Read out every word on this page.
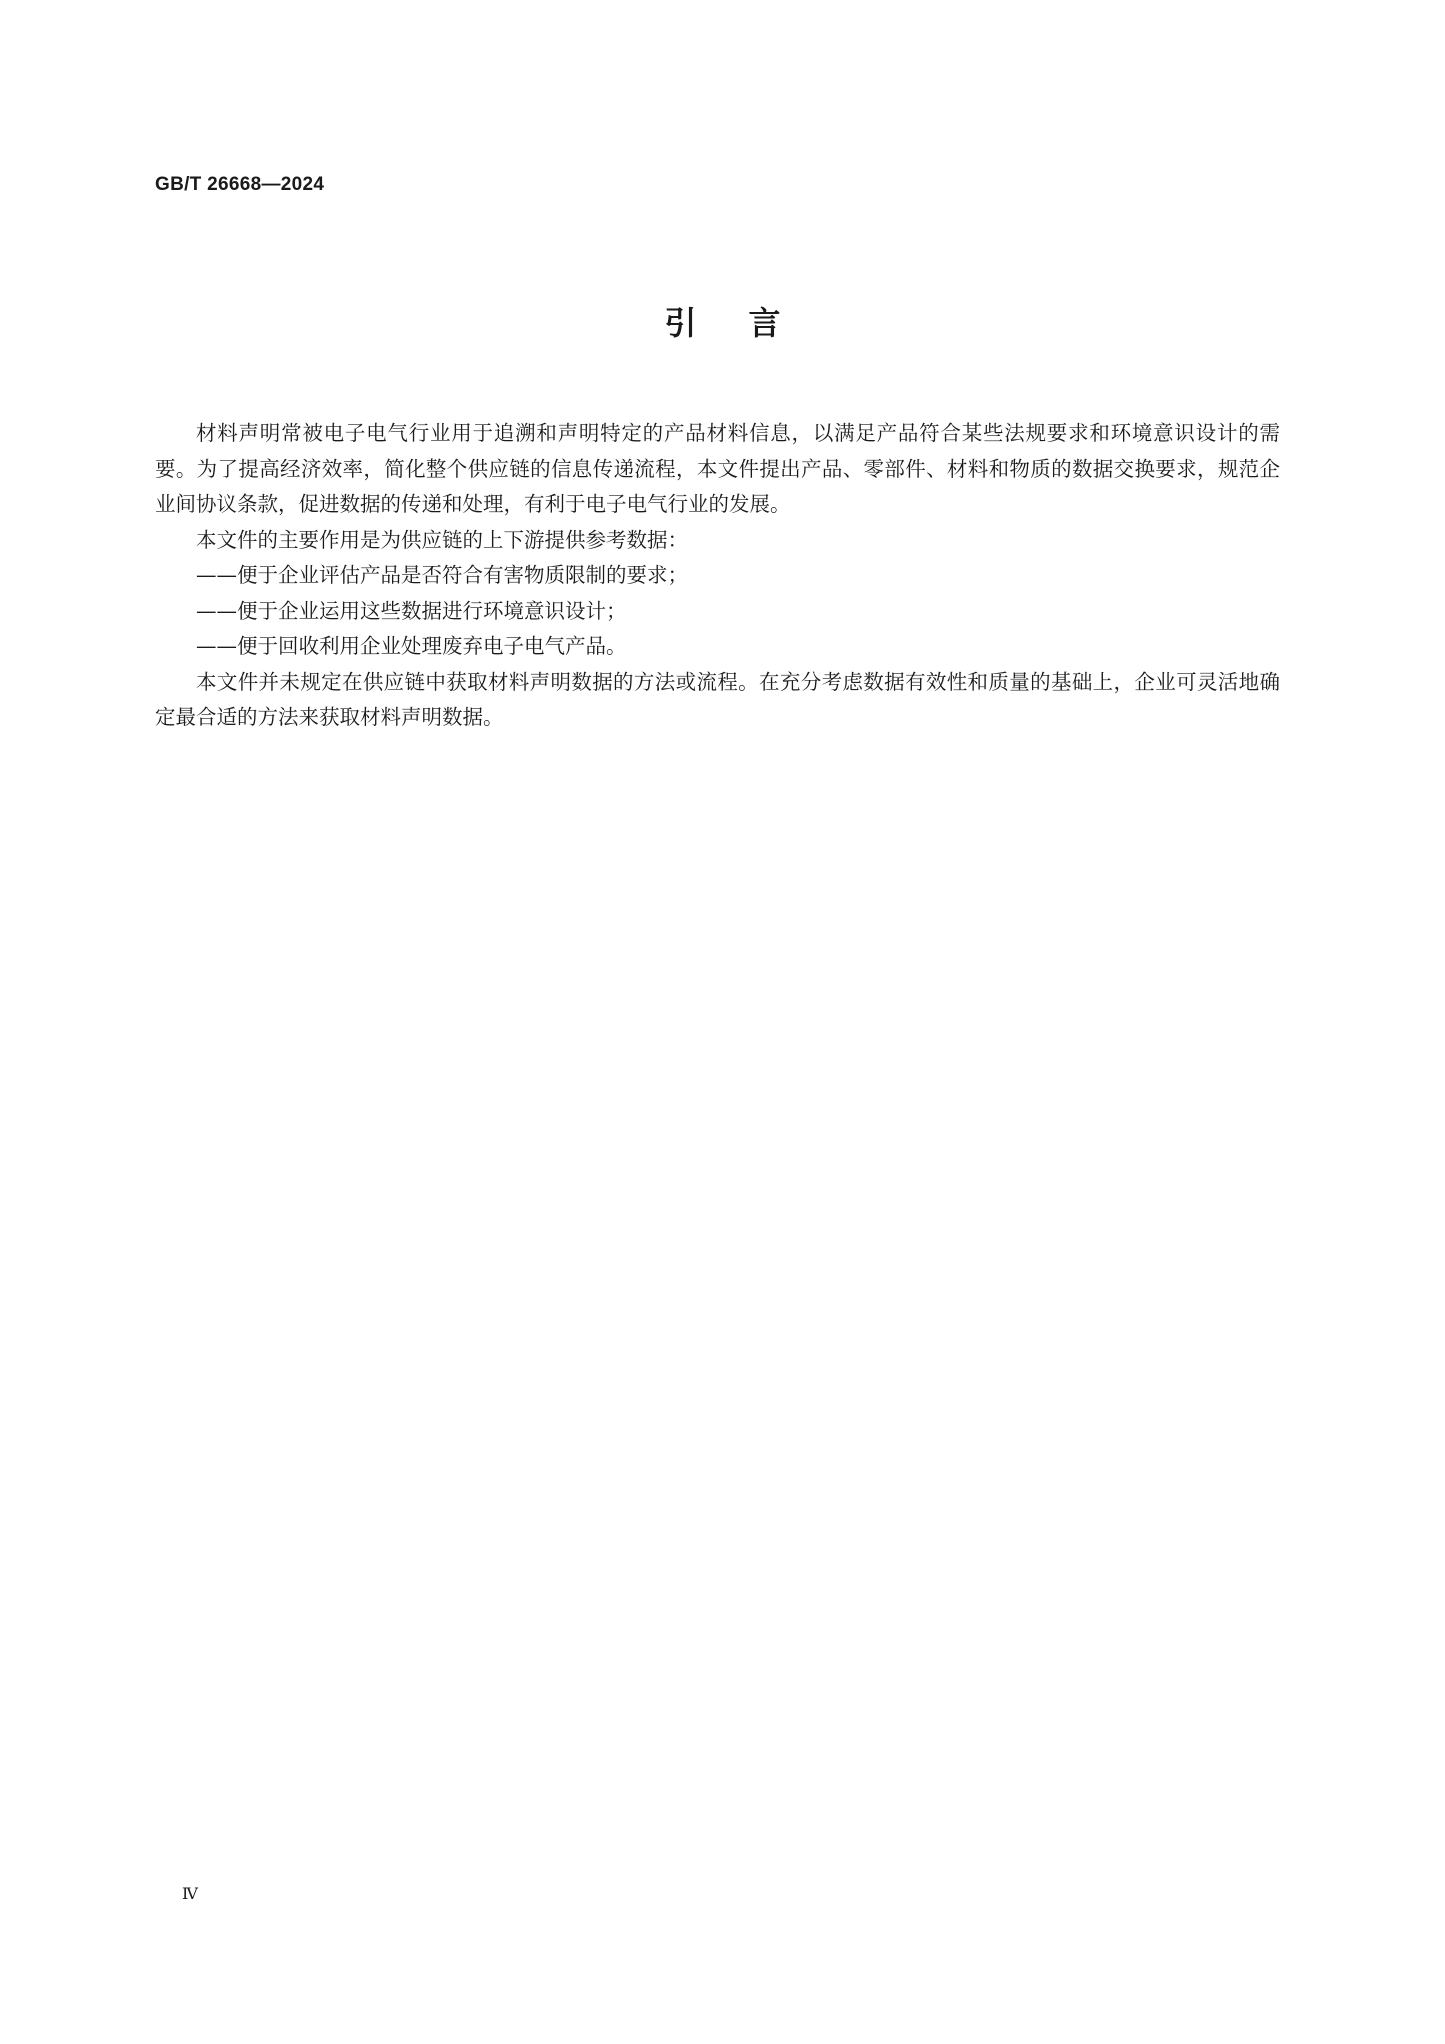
GB/T 26668—2024
引言

材料声明常被电子电气行业用于追溯和声明特定的产品材料信息，以满足产品符合某些法规要求和环境意识设计的需要。为了提高经济效率，简化整个供应链的信息传递流程，本文件提出产品、零部件、材料和物质的数据交换要求，规范企业间协议条款，促进数据的传递和处理，有利于电子电气行业的发展。

本文件的主要作用是为供应链的上下游提供参考数据：

——便于企业评估产品是否符合有害物质限制的要求；

——便于企业运用这些数据进行环境意识设计；

——便于回收利用企业处理废弃电子电气产品。

本文件并未规定在供应链中获取材料声明数据的方法或流程。在充分考虑数据有效性和质量的基础上，企业可灵活地确定最合适的方法来获取材料声明数据。

Ⅳ
